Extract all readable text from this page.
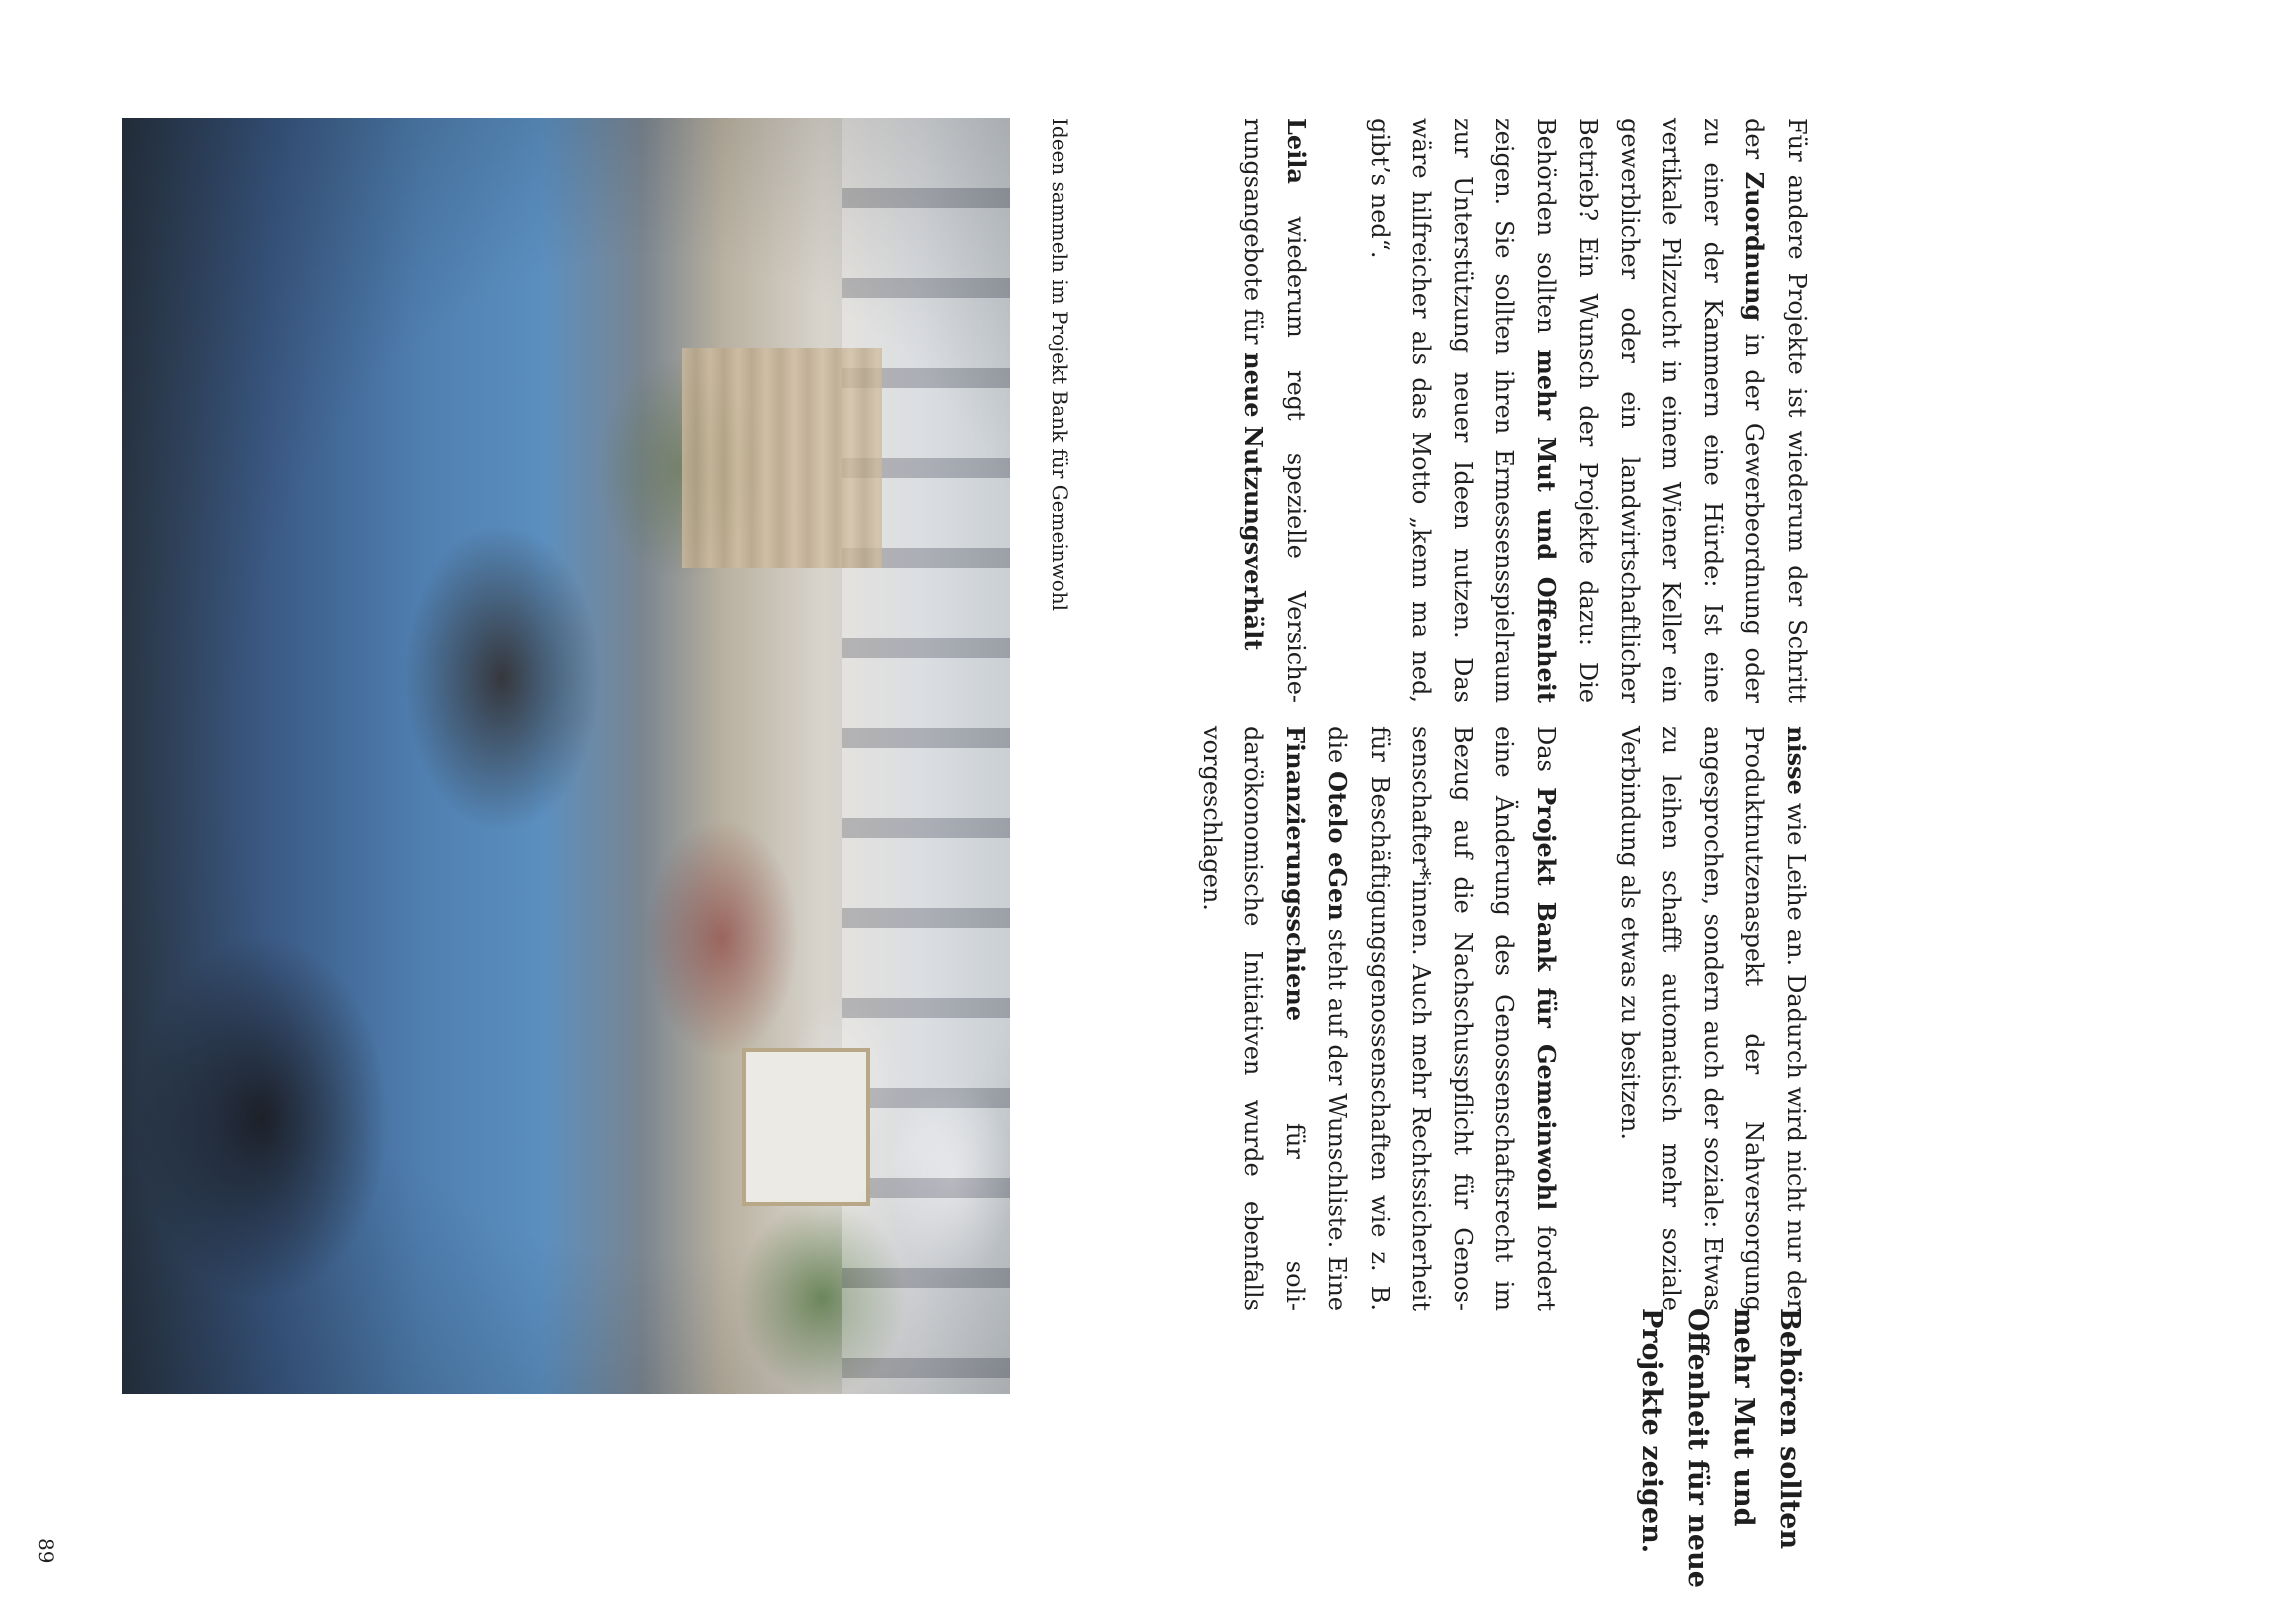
Ideen sammeln im Projekt Bank für Gemeinwohl	Für andere Projekte ist wiederum der Schritt der Zuordnung in der Gewerbeordnung oder zu einer der Kammern eine Hürde: Ist eine vertikale Pilzzucht in einem Wiener Keller ein gewerblicher oder ein landwirtschaftlicher Betrieb? Ein Wunsch der Projekte dazu: Die Behörden sollten mehr Mut und Offenheit zeigen. Sie sollten ihren Ermessensspielraum zur Unterstützung neuer Ideen nutzen. Das wäre hilfreicher als das Motto „kenn ma ned, gibt’s ned“.

Leila wiederum regt spezielle Versicherungsangebote für neue Nutzungsverhält

nisse wie Leihe an. Dadurch wird nicht nur der Produktnutzenaspekt der Nahversorgung angesprochen, sondern auch der soziale: Etwas zu leihen schafft automatisch mehr soziale Verbindung als etwas zu besitzen.

Das Projekt Bank für Gemeinwohl fordert eine Änderung des Genossenschaftsrecht im Bezug auf die Nachschusspflicht für Genossenschafter*innen. Auch mehr Rechtssicherheit für Beschäftigungsgenossenschaften wie z. B. die Otelo eGen steht auf der Wunschliste. Eine Finanzierungsschiene für solidarökonomische Initiativen wurde ebenfalls vorgeschlagen.

Behören sollten
mehr Mut und
Offenheit für neue
Projekte zeigen.
89
